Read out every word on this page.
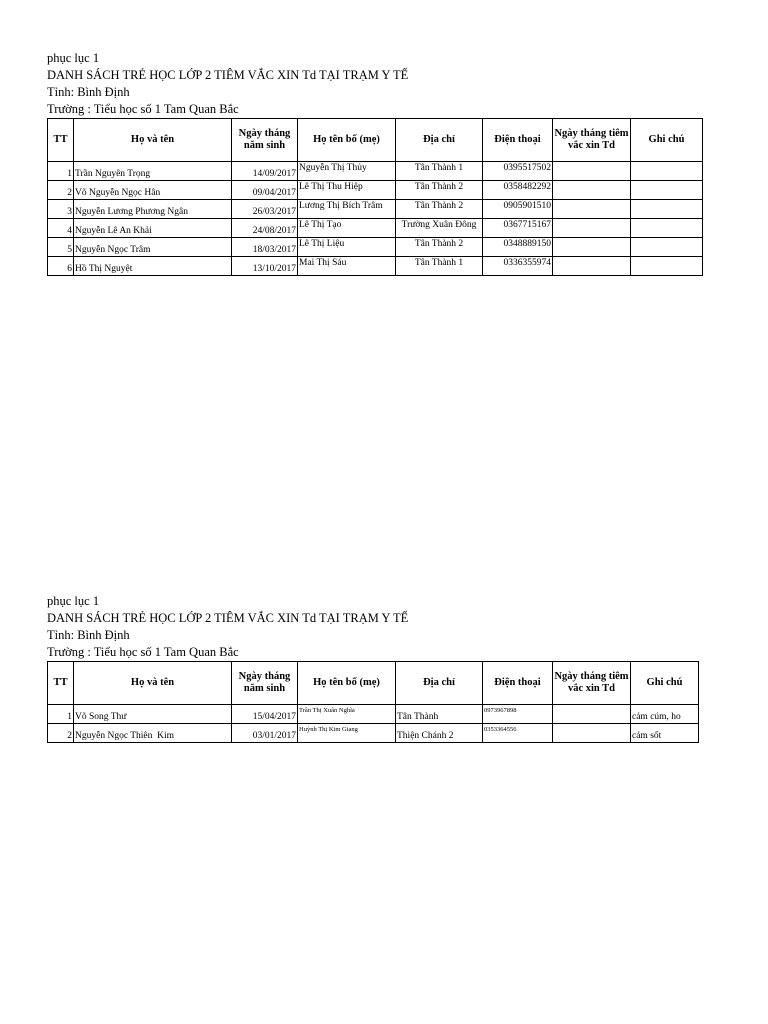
phục lục 1
DANH SÁCH TRẺ HỌC LỚP 2 TIÊM VẮC XIN Td TẠI TRẠM Y TẾ
Tỉnh: Bình Định
Trường : Tiểu học số 1 Tam Quan Bắc
TT	Họ và tên	Ngày tháng năm sinh	Họ tên bố (mẹ)	Địa chỉ	Điện thoại	Ngày tháng tiêm vắc xin Td	Ghi chú
1	Trần Nguyên Trọng	14/09/2017	Nguyễn Thị Thủy	Tân Thành 1	0395517502		
2	Võ Nguyễn Ngọc Hân	09/04/2017	Lê Thị Thu Hiệp	Tân Thành 2	0358482292		
3	Nguyễn Lương Phương Ngân	26/03/2017	Lương Thị Bích Trâm	Tân Thành 2	0905901510		
4	Nguyễn Lê An Khải	24/08/2017	Lê Thị Tạo	Trường Xuân Đông	0367715167		
5	Nguyễn Ngọc Trâm	18/03/2017	Lê Thị Liệu	Tân Thành 2	0348889150		
6	Hồ Thị Nguyệt	13/10/2017	Mai Thị Sáu	Tân Thành 1	0336355974		
phục lục 1
DANH SÁCH TRẺ HỌC LỚP 2 TIÊM VẮC XIN Td TẠI TRẠM Y TẾ
Tỉnh: Bình Định
Trường : Tiểu học số 1 Tam Quan Bắc
TT	Họ và tên	Ngày tháng năm sinh	Họ tên bố (mẹ)	Địa chỉ	Điện thoại	Ngày tháng tiêm vắc xin Td	Ghi chú
1	Võ Song Thư	15/04/2017	Trần Thị Xuân Nghĩa	Tân Thành	0973967898		cảm cúm, ho
2	Nguyễn Ngọc Thiên  Kim	03/01/2017	Huỳnh Thị Kim Giang	Thiện Chánh 2	0353364556		cảm sốt
